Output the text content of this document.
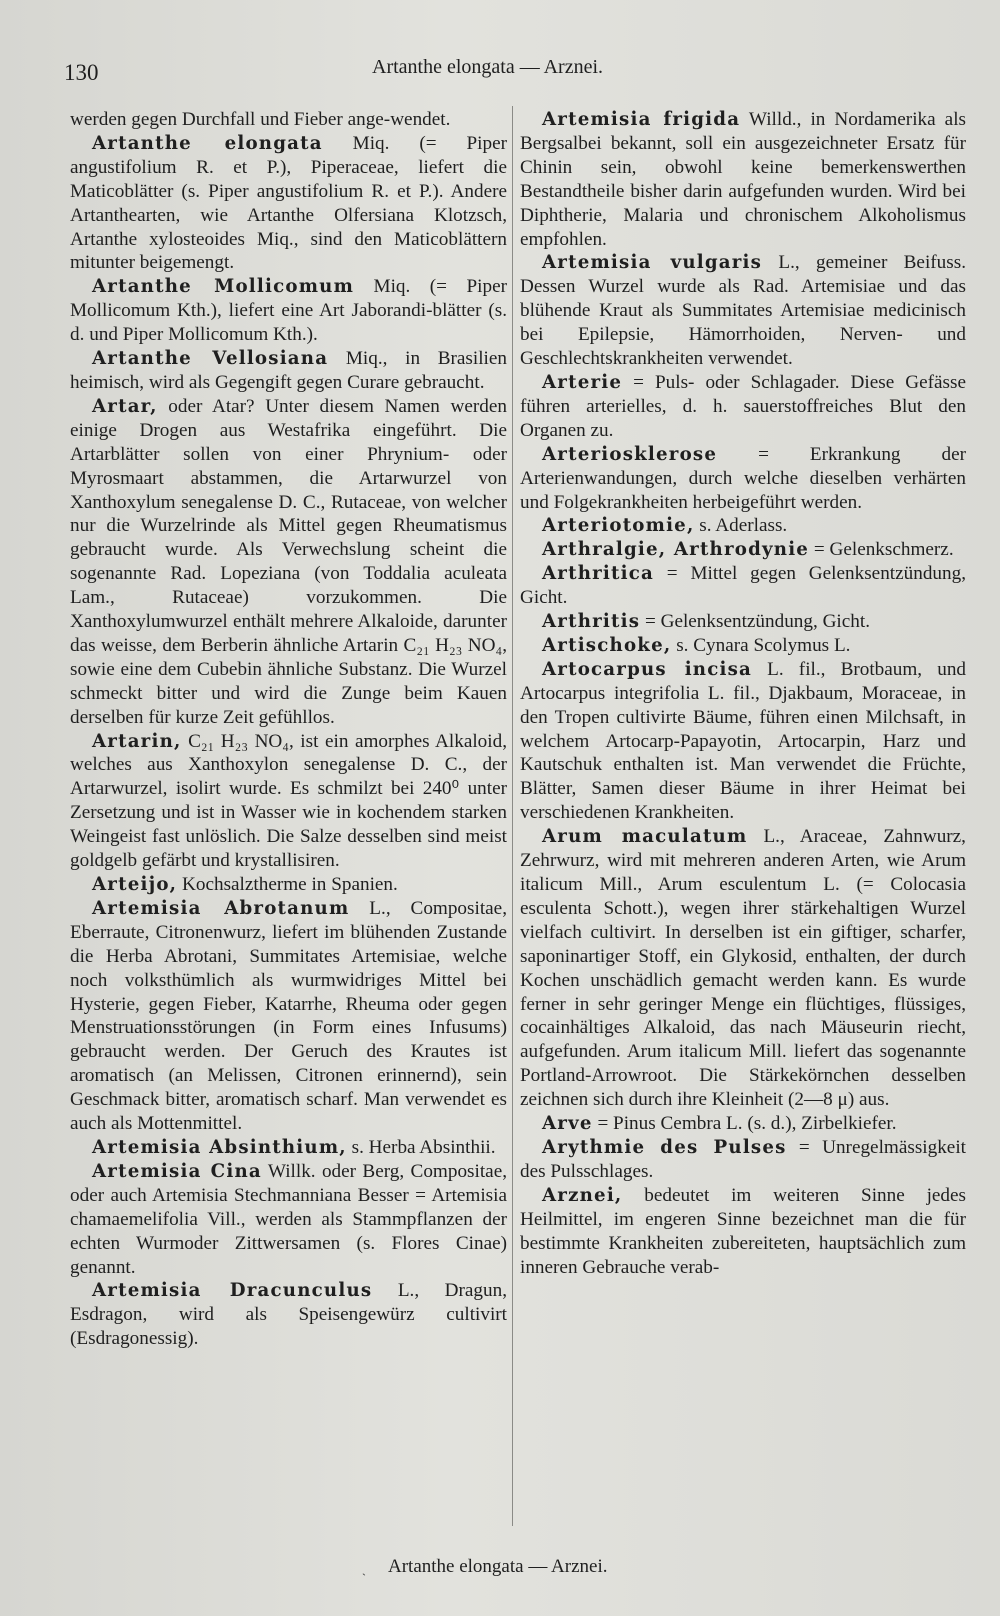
130	Artanthe elongata — Arznei.

werden gegen Durchfall und Fieber ange-wendet.

Artanthe elongata Miq. (= Piper angustifolium R. et P.), Piperaceae, liefert die Maticoblätter (s. Piper angustifolium R. et P.). Andere Artanthearten, wie Artanthe Olfersiana Klotzsch, Artanthe xylosteoides Miq., sind den Maticoblättern mitunter beigemengt.

Artanthe Mollicomum Miq. (= Piper Mollicomum Kth.), liefert eine Art Jaborandi-blätter (s. d. und Piper Mollicomum Kth.).

Artanthe Vellosiana Miq., in Brasilien heimisch, wird als Gegengift gegen Curare gebraucht.

Artar, oder Atar? Unter diesem Namen werden einige Drogen aus Westafrika eingeführt. Die Artarblätter sollen von einer Phrynium- oder Myrosmaart abstammen, die Artarwurzel von Xanthoxylum senegalense D. C., Rutaceae, von welcher nur die Wurzelrinde als Mittel gegen Rheumatismus gebraucht wurde. Als Verwechslung scheint die sogenannte Rad. Lopeziana (von Toddalia aculeata Lam., Rutaceae) vorzukommen. Die Xanthoxylumwurzel enthält mehrere Alkaloide, darunter das weisse, dem Berberin ähnliche Artarin C₂₁ H₂₃ NO₄, sowie eine dem Cubebin ähnliche Substanz. Die Wurzel schmeckt bitter und wird die Zunge beim Kauen derselben für kurze Zeit gefühllos.

Artarin, C₂₁ H₂₃ NO₄, ist ein amorphes Alkaloid, welches aus Xanthoxylon senegalense D. C., der Artarwurzel, isolirt wurde. Es schmilzt bei 240⁰ unter Zersetzung und ist in Wasser wie in kochendem starken Weingeist fast unlöslich. Die Salze desselben sind meist goldgelb gefärbt und krystallisiren.

Arteijo, Kochsalztherme in Spanien.

Artemisia Abrotanum L., Compositae, Eberraute, Citronenwurz, liefert im blühenden Zustande die Herba Abrotani, Summitates Artemisiae, welche noch volksthümlich als wurmwidriges Mittel bei Hysterie, gegen Fieber, Katarrhe, Rheuma oder gegen Menstruationsstörungen (in Form eines Infusums) gebraucht werden. Der Geruch des Krautes ist aromatisch (an Melissen, Citronen erinnernd), sein Geschmack bitter, aromatisch scharf. Man verwendet es auch als Mottenmittel.

Artemisia Absinthium, s. Herba Absinthii.

Artemisia Cina Willk. oder Berg, Compositae, oder auch Artemisia Stechmanniana Besser = Artemisia chamaemelifolia Vill., werden als Stammpflanzen der echten Wurmoder Zittwersamen (s. Flores Cinae) genannt.

Artemisia Dracunculus L., Dragun, Esdragon, wird als Speisengewürz cultivirt (Esdragonessig).

Artemisia frigida Willd., in Nordamerika als Bergsalbei bekannt, soll ein ausgezeichneter Ersatz für Chinin sein, obwohl keine bemerkenswerthen Bestandtheile bisher darin aufgefunden wurden. Wird bei Diphtherie, Malaria und chronischem Alkoholismus empfohlen.

Artemisia vulgaris L., gemeiner Beifuss. Dessen Wurzel wurde als Rad. Artemisiae und das blühende Kraut als Summitates Artemisiae medicinisch bei Epilepsie, Hämorrhoiden, Nerven- und Geschlechtskrankheiten verwendet.

Arterie = Puls- oder Schlagader. Diese Gefässe führen arterielles, d. h. sauerstoffreiches Blut den Organen zu.

Arteriosklerose = Erkrankung der Arterienwandungen, durch welche dieselben verhärten und Folgekrankheiten herbeigeführt werden.

Arteriotomie, s. Aderlass.

Arthralgie, Arthrodynie = Gelenkschmerz.

Arthritica = Mittel gegen Gelenksentzündung, Gicht.

Arthritis = Gelenksentzündung, Gicht.

Artischoke, s. Cynara Scolymus L.

Artocarpus incisa L. fil., Brotbaum, und Artocarpus integrifolia L. fil., Djakbaum, Moraceae, in den Tropen cultivirte Bäume, führen einen Milchsaft, in welchem Artocarp-Papayotin, Artocarpin, Harz und Kautschuk enthalten ist. Man verwendet die Früchte, Blätter, Samen dieser Bäume in ihrer Heimat bei verschiedenen Krankheiten.

Arum maculatum L., Araceae, Zahnwurz, Zehrwurz, wird mit mehreren anderen Arten, wie Arum italicum Mill., Arum esculentum L. (= Colocasia esculenta Schott.), wegen ihrer stärkehaltigen Wurzel vielfach cultivirt. In derselben ist ein giftiger, scharfer, saponinartiger Stoff, ein Glykosid, enthalten, der durch Kochen unschädlich gemacht werden kann. Es wurde ferner in sehr geringer Menge ein flüchtiges, flüssiges, cocainhältiges Alkaloid, das nach Mäuseurin riecht, aufgefunden. Arum italicum Mill. liefert das sogenannte Portland-Arrowroot. Die Stärkekörnchen desselben zeichnen sich durch ihre Kleinheit (2—8 μ) aus.

Arve = Pinus Cembra L. (s. d.), Zirbelkiefer.

Arythmie des Pulses = Unregelmässigkeit des Pulsschlages.

Arznei, bedeutet im weiteren Sinne jedes Heilmittel, im engeren Sinne bezeichnet man die für bestimmte Krankheiten zubereiteten, hauptsächlich zum inneren Gebrauche verab-

ˎ Artanthe elongata — Arznei.
